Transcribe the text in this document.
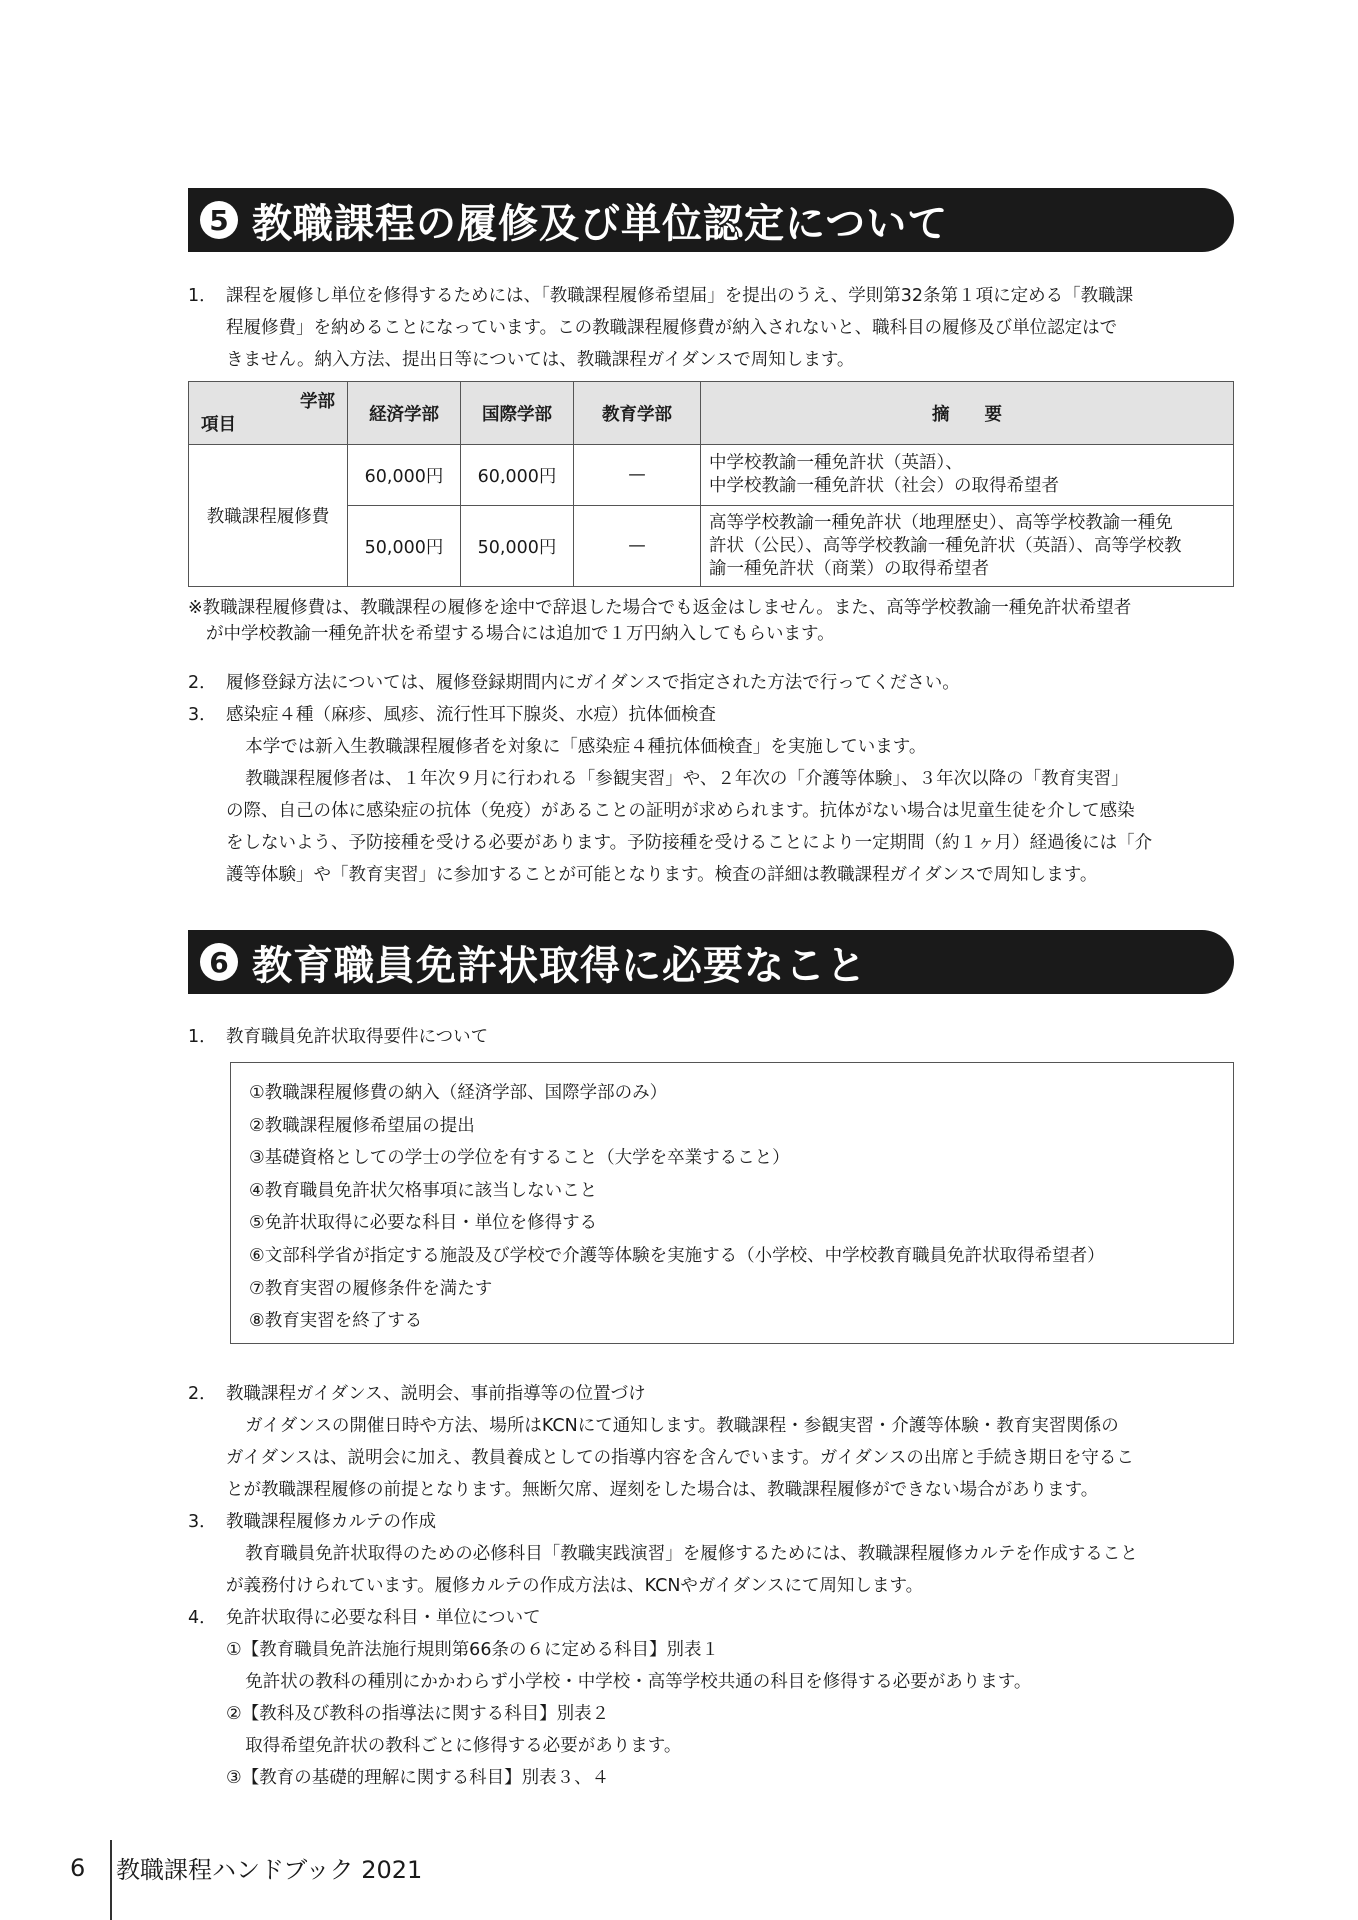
5 教職課程の履修及び単位認定について
1． 課程を履修し単位を修得するためには、「教職課程履修希望届」を提出のうえ、学則第32条第１項に定める「教職課
程履修費」を納めることになっています。この教職課程履修費が納入されないと、職科目の履修及び単位認定はで
きません。納入方法、提出日等については、教職課程ガイダンスで周知します。
学部
項目	経済学部	国際学部	教育学部	摘　　要
教職課程履修費	60,000円	60,000円	—	中学校教諭一種免許状（英語）、
中学校教諭一種免許状（社会）の取得希望者

	50,000円	50,000円	—	高等学校教諭一種免許状（地理歴史）、高等学校教諭一種免
許状（公民）、高等学校教諭一種免許状（英語）、高等学校教
諭一種免許状（商業）の取得希望者
※教職課程履修費は、教職課程の履修を途中で辞退した場合でも返金はしません。また、高等学校教諭一種免許状希望者
が中学校教諭一種免許状を希望する場合には追加で１万円納入してもらいます。
2． 履修登録方法については、履修登録期間内にガイダンスで指定された方法で行ってください。
3． 感染症４種（麻疹、風疹、流行性耳下腺炎、水痘）抗体価検査
本学では新入生教職課程履修者を対象に「感染症４種抗体価検査」を実施しています。
教職課程履修者は、１年次９月に行われる「参観実習」や、２年次の「介護等体験」、３年次以降の「教育実習」
の際、自己の体に感染症の抗体（免疫）があることの証明が求められます。抗体がない場合は児童生徒を介して感染
をしないよう、予防接種を受ける必要があります。予防接種を受けることにより一定期間（約１ヶ月）経過後には「介
護等体験」や「教育実習」に参加することが可能となります。検査の詳細は教職課程ガイダンスで周知します。
6 教育職員免許状取得に必要なこと
1． 教育職員免許状取得要件について
①教職課程履修費の納入（経済学部、国際学部のみ）
②教職課程履修希望届の提出
③基礎資格としての学士の学位を有すること（大学を卒業すること）
④教育職員免許状欠格事項に該当しないこと
⑤免許状取得に必要な科目・単位を修得する
⑥文部科学省が指定する施設及び学校で介護等体験を実施する（小学校、中学校教育職員免許状取得希望者）
⑦教育実習の履修条件を満たす
⑧教育実習を終了する
2． 教職課程ガイダンス、説明会、事前指導等の位置づけ
ガイダンスの開催日時や方法、場所はKCNにて通知します。教職課程・参観実習・介護等体験・教育実習関係の
ガイダンスは、説明会に加え、教員養成としての指導内容を含んでいます。ガイダンスの出席と手続き期日を守るこ
とが教職課程履修の前提となります。無断欠席、遅刻をした場合は、教職課程履修ができない場合があります。
3． 教職課程履修カルテの作成
教育職員免許状取得のための必修科目「教職実践演習」を履修するためには、教職課程履修カルテを作成すること
が義務付けられています。履修カルテの作成方法は、KCNやガイダンスにて周知します。
4． 免許状取得に必要な科目・単位について
①【教育職員免許法施行規則第66条の６に定める科目】別表１
免許状の教科の種別にかかわらず小学校・中学校・高等学校共通の科目を修得する必要があります。
②【教科及び教科の指導法に関する科目】別表２
取得希望免許状の教科ごとに修得する必要があります。
③【教育の基礎的理解に関する科目】別表３、４
6	教職課程ハンドブック 2021
